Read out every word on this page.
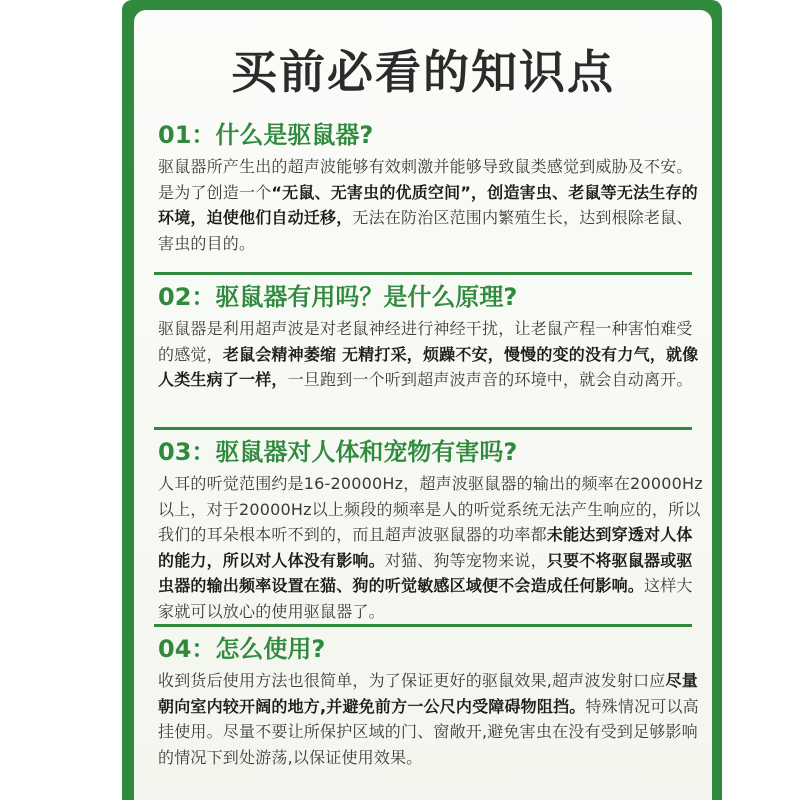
买前必看的知识点
01：什么是驱鼠器?
驱鼠器所产生出的超声波能够有效刺激并能够导致鼠类感觉到威胁及不安。是为了创造一个“无鼠、无害虫的优质空间”，创造害虫、老鼠等无法生存的环境，迫使他们自动迁移，无法在防治区范围内繁殖生长，达到根除老鼠、害虫的目的。
02：驱鼠器有用吗？是什么原理?
驱鼠器是利用超声波是对老鼠神经进行神经干扰，让老鼠产程一种害怕难受的感觉，老鼠会精神萎缩 无精打采，烦躁不安，慢慢的变的没有力气，就像人类生病了一样，一旦跑到一个听到超声波声音的环境中，就会自动离开。
03：驱鼠器对人体和宠物有害吗?
人耳的听觉范围约是16-20000Hz，超声波驱鼠器的输出的频率在20000Hz以上，对于20000Hz以上频段的频率是人的听觉系统无法产生响应的，所以我们的耳朵根本听不到的，而且超声波驱鼠器的功率都未能达到穿透对人体的能力，所以对人体没有影响。对猫、狗等宠物来说，只要不将驱鼠器或驱虫器的输出频率设置在猫、狗的听觉敏感区域便不会造成任何影响。这样大家就可以放心的使用驱鼠器了。
04：怎么使用?
收到货后使用方法也很简单，为了保证更好的驱鼠效果,超声波发射口应尽量朝向室内较开阔的地方,并避免前方一公尺内受障碍物阻挡。特殊情况可以高挂使用。尽量不要让所保护区域的门、窗敞开,避免害虫在没有受到足够影响的情况下到处游荡,以保证使用效果。
